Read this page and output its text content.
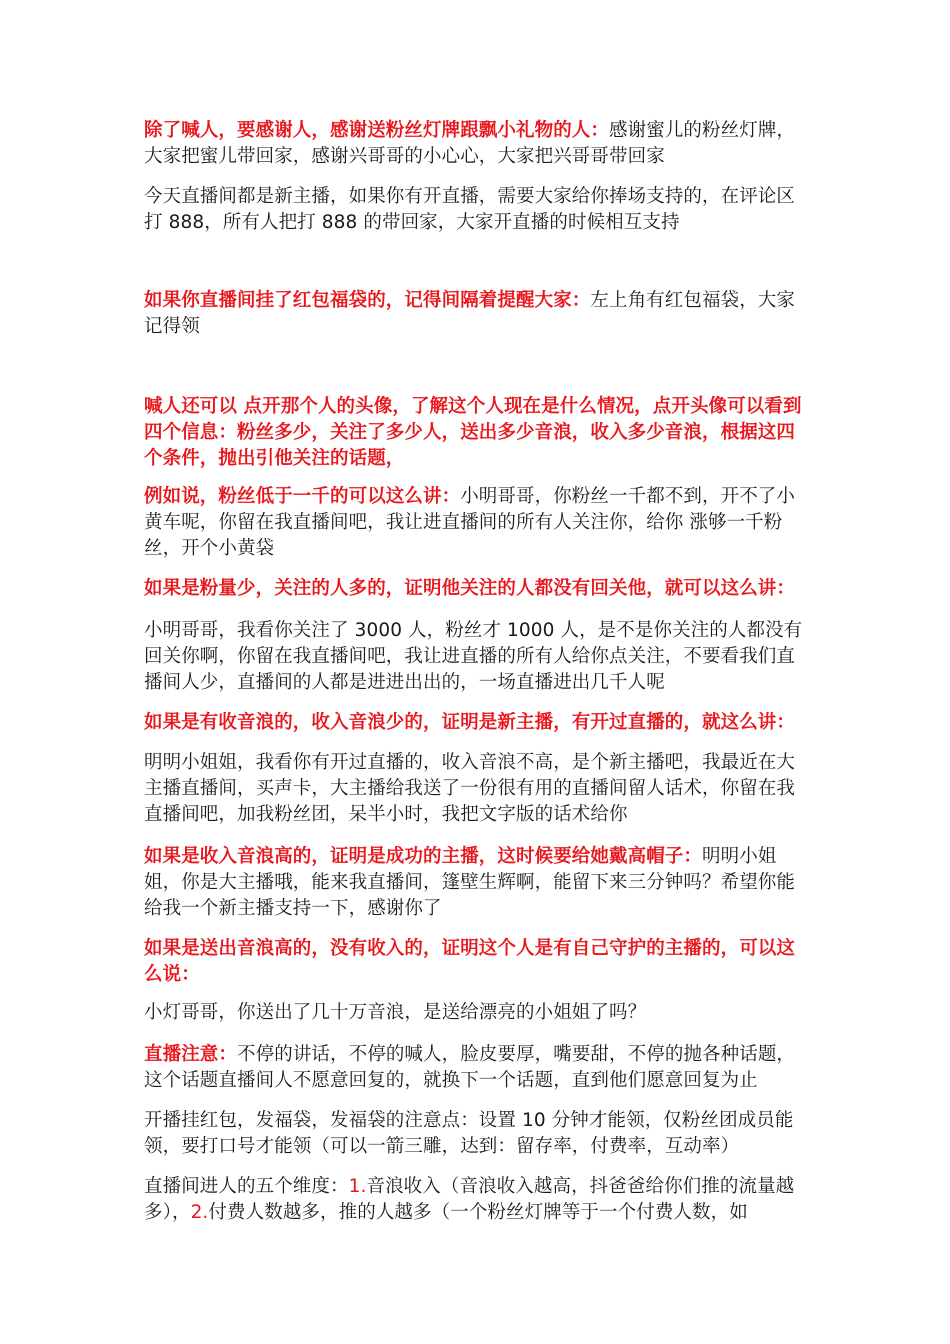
除了喊人，要感谢人，感谢送粉丝灯牌跟飘小礼物的人：感谢蜜儿的粉丝灯牌，大家把蜜儿带回家，感谢兴哥哥的小心心，大家把兴哥哥带回家

今天直播间都是新主播，如果你有开直播，需要大家给你捧场支持的，在评论区打 888，所有人把打 888 的带回家，大家开直播的时候相互支持

如果你直播间挂了红包福袋的，记得间隔着提醒大家：左上角有红包福袋，大家记得领

喊人还可以 点开那个人的头像，了解这个人现在是什么情况，点开头像可以看到四个信息：粉丝多少，关注了多少人，送出多少音浪，收入多少音浪，根据这四个条件，抛出引他关注的话题，

例如说，粉丝低于一千的可以这么讲：小明哥哥，你粉丝一千都不到，开不了小黄车呢，你留在我直播间吧，我让进直播间的所有人关注你，给你 涨够一千粉丝，开个小黄袋

如果是粉量少，关注的人多的，证明他关注的人都没有回关他，就可以这么讲：

小明哥哥，我看你关注了 3000 人，粉丝才 1000 人，是不是你关注的人都没有回关你啊，你留在我直播间吧，我让进直播的所有人给你点关注，不要看我们直播间人少，直播间的人都是进进出出的，一场直播进出几千人呢

如果是有收音浪的，收入音浪少的，证明是新主播，有开过直播的，就这么讲：

明明小姐姐，我看你有开过直播的，收入音浪不高，是个新主播吧，我最近在大主播直播间，买声卡，大主播给我送了一份很有用的直播间留人话术，你留在我直播间吧，加我粉丝团，呆半小时，我把文字版的话术给你

如果是收入音浪高的，证明是成功的主播，这时候要给她戴高帽子：明明小姐姐，你是大主播哦，能来我直播间，篷壁生辉啊，能留下来三分钟吗？希望你能给我一个新主播支持一下，感谢你了

如果是送出音浪高的，没有收入的，证明这个人是有自己守护的主播的，可以这么说：

小灯哥哥，你送出了几十万音浪，是送给漂亮的小姐姐了吗？

直播注意：不停的讲话，不停的喊人，脸皮要厚，嘴要甜，不停的抛各种话题，这个话题直播间人不愿意回复的，就换下一个话题，直到他们愿意回复为止

开播挂红包，发福袋，发福袋的注意点：设置 10 分钟才能领，仅粉丝团成员能领，要打口号才能领（可以一箭三雕，达到：留存率，付费率，互动率）

直播间进人的五个维度：1.音浪收入（音浪收入越高，抖爸爸给你们推的流量越多），2.付费人数越多，推的人越多（一个粉丝灯牌等于一个付费人数，如
